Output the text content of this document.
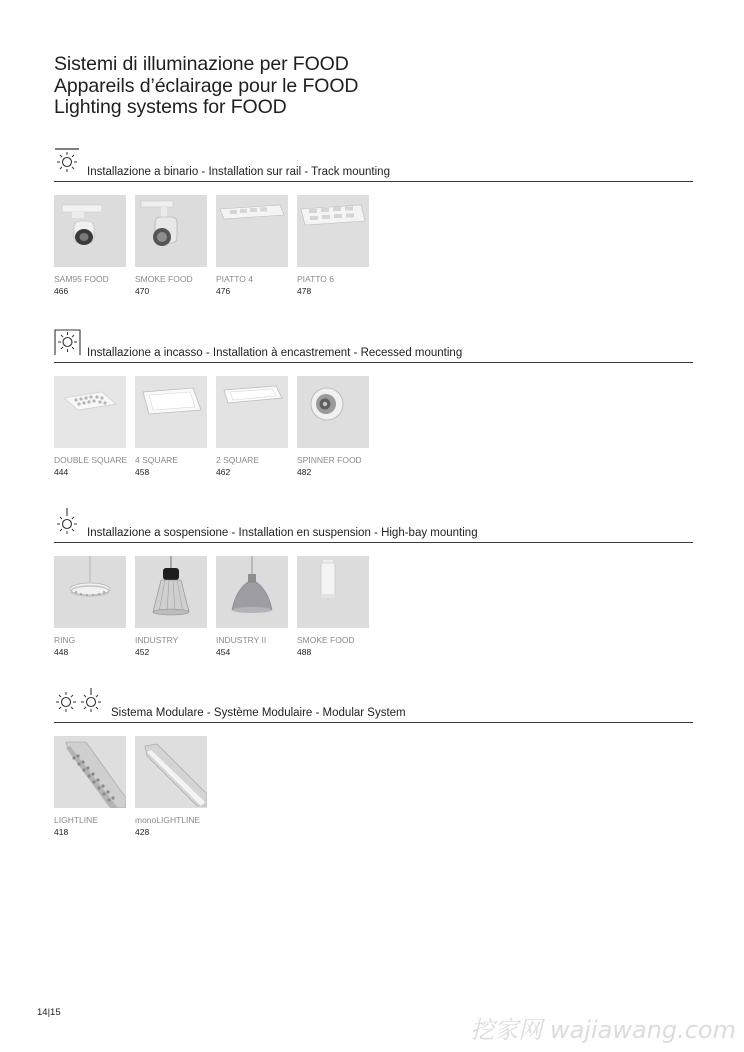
Sistemi di illuminazione per FOOD
Appareils d’éclairage pour le FOOD
Lighting systems for FOOD
Installazione a binario - Installation sur rail - Track mounting
SAM95 FOOD
466
SMOKE FOOD
470
PIATTO 4
476
PIATTO 6
478
Installazione a incasso - Installation à encastrement - Recessed mounting
DOUBLE SQUARE
444
4 SQUARE
458
2 SQUARE
462
SPINNER FOOD
482
Installazione a sospensione - Installation en suspension - High-bay mounting
RING
448
INDUSTRY
452
INDUSTRY II
454
SMOKE FOOD
488
Sistema Modulare - Système Modulaire - Modular System
LIGHTLINE
418
monoLIGHTLINE
428
14|15
挖家网 wajiawang.com
